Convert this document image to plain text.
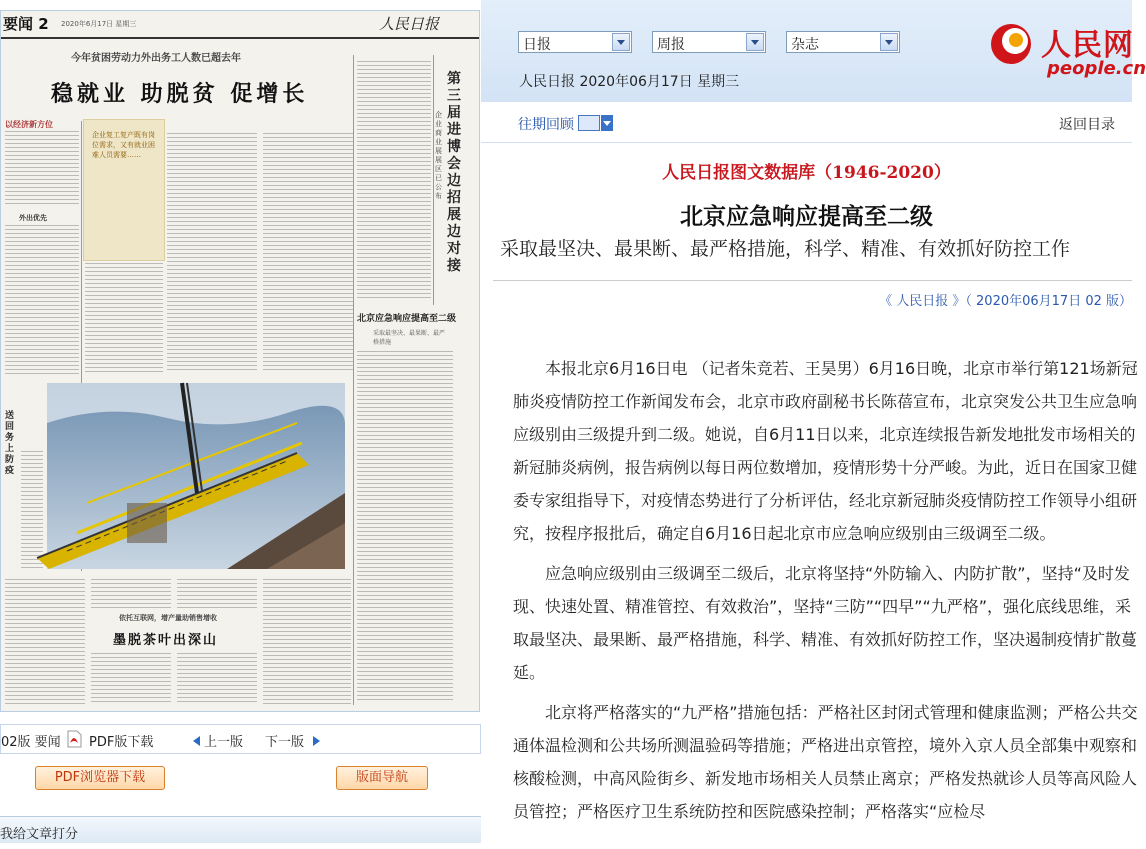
要闻 2 2020年6月17日 星期三	人民日报
今年贫困劳动力外出务工人数已超去年
稳就业 助脱贫 促增长
以经济新方位
外出优先
企业复工复产既有岗位需求，又有就业困难人员需要……
第三届进博会边招展边对接
企业商业展展区已公布
北京应急响应提高至二级
采取最坚决、最果断、最严格措施
送回务上防疫
依托互联网，增产量助销售增收
墨脱茶叶出深山
02版 要闻 PDF版下载	上一版 下一版
PDF浏览器下载	版面导航
我给文章打分
日报	周报	杂志
人民日报 2020年06月17日 星期三
人民网
people.cn
往期回顾	返回目录
人民日报图文数据库（1946-2020）
北京应急响应提高至二级
采取最坚决、最果断、最严格措施，科学、精准、有效抓好防控工作
《 人民日报 》（ 2020年06月17日 02 版）

本报北京6月16日电 （记者朱竞若、王昊男）6月16日晚，北京市举行第121场新冠肺炎疫情防控工作新闻发布会，北京市政府副秘书长陈蓓宣布，北京突发公共卫生应急响应级别由三级提升到二级。她说，自6月11日以来，北京连续报告新发地批发市场相关的新冠肺炎病例，报告病例以每日两位数增加，疫情形势十分严峻。为此，近日在国家卫健委专家组指导下，对疫情态势进行了分析评估，经北京新冠肺炎疫情防控工作领导小组研究，按程序报批后，确定自6月16日起北京市应急响应级别由三级调至二级。

应急响应级别由三级调至二级后，北京将坚持“外防输入、内防扩散”，坚持“及时发现、快速处置、精准管控、有效救治”，坚持“三防”“四早”“九严格”，强化底线思维，采取最坚决、最果断、最严格措施，科学、精准、有效抓好防控工作，坚决遏制疫情扩散蔓延。

北京将严格落实的“九严格”措施包括：严格社区封闭式管理和健康监测；严格公共交通体温检测和公共场所测温验码等措施；严格进出京管控，境外入京人员全部集中观察和核酸检测，中高风险街乡、新发地市场相关人员禁止离京；严格发热就诊人员等高风险人员管控；严格医疗卫生系统防控和医院感染控制；严格落实“应检尽
